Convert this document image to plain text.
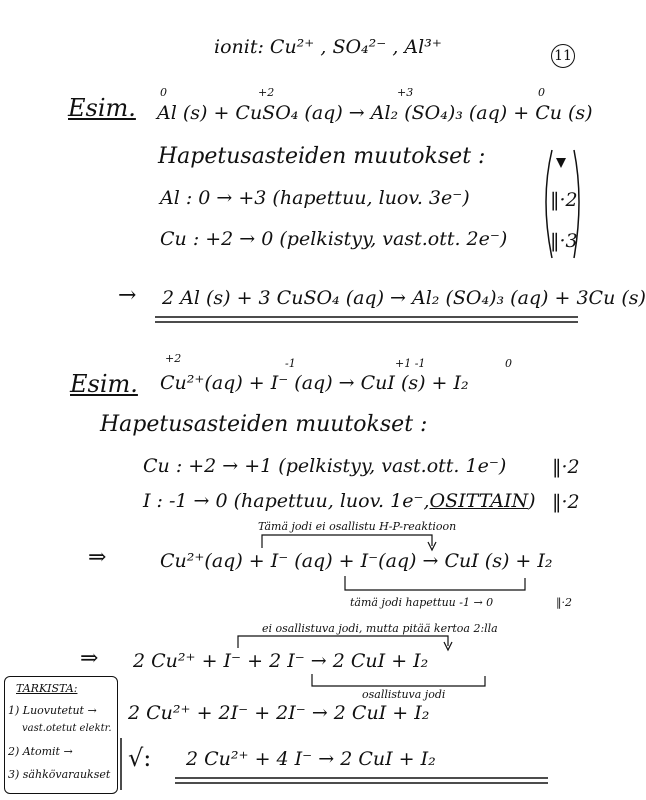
ionit: Cu²⁺ , SO₄²⁻ , Al³⁺	11
Esim.
0	+2	+3	0
Al (s) + CuSO₄ (aq) → Al₂ (SO₄)₃ (aq) + Cu (s)
Hapetusasteiden muutokset :
Al : 0 → +3 (hapettuu, luov. 3e⁻)
Cu : +2 → 0 (pelkistyy, vast.ott. 2e⁻)
‖·2
‖·3
→ 2 Al (s) + 3 CuSO₄ (aq) → Al₂ (SO₄)₃ (aq) + 3Cu (s)
Esim.
+2	-1	+1 -1	0
Cu²⁺(aq) + I⁻ (aq) → CuI (s) + I₂
Hapetusasteiden muutokset :
Cu : +2 → +1 (pelkistyy, vast.ott. 1e⁻) ‖·2
I : -1 → 0 (hapettuu, luov. 1e⁻,OSITTAIN) ‖·2
Tämä jodi ei osallistu H-P-reaktioon
⇒	Cu²⁺(aq) + I⁻ (aq) + I⁻(aq) → CuI (s) + I₂
tämä jodi hapettuu -1 → 0	‖·2
ei osallistuva jodi, mutta pitää kertoa 2:lla
⇒ 2 Cu²⁺ + I⁻ + 2 I⁻ → 2 CuI + I₂
osallistuva jodi
2 Cu²⁺ + 2I⁻ + 2I⁻ → 2 CuI + I₂
√: 2 Cu²⁺ + 4 I⁻ → 2 CuI + I₂
TARKISTA:
1) Luovutetut →
vast.otetut elektr.
2) Atomit →
3) sähkövaraukset
